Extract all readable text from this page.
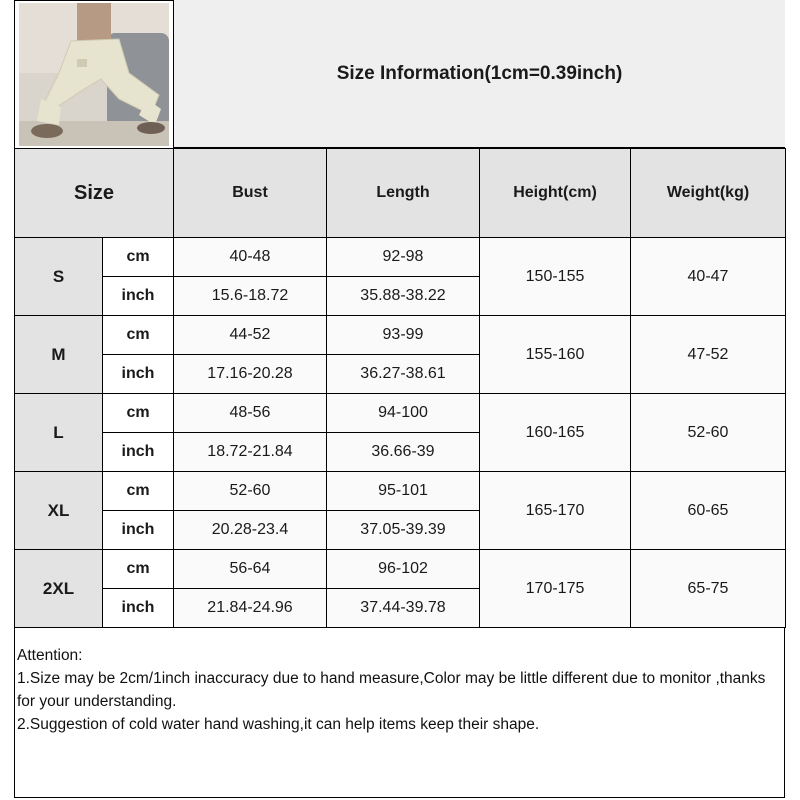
Size Information(1cm=0.39inch)
Size		Bust	Length	Height(cm)	Weight(kg)
S	cm	40-48	92-98	150-155	40-47
	inch	15.6-18.72	35.88-38.22		
M	cm	44-52	93-99	155-160	47-52
	inch	17.16-20.28	36.27-38.61		
L	cm	48-56	94-100	160-165	52-60
	inch	18.72-21.84	36.66-39		
XL	cm	52-60	95-101	165-170	60-65
	inch	20.28-23.4	37.05-39.39		
2XL	cm	56-64	96-102	170-175	65-75
	inch	21.84-24.96	37.44-39.78		
Attention:
1.Size may be 2cm/1inch inaccuracy due to hand measure,Color may be little different due to monitor ,thanks for your understanding.
2.Suggestion of cold water hand washing,it can help items keep their shape.
